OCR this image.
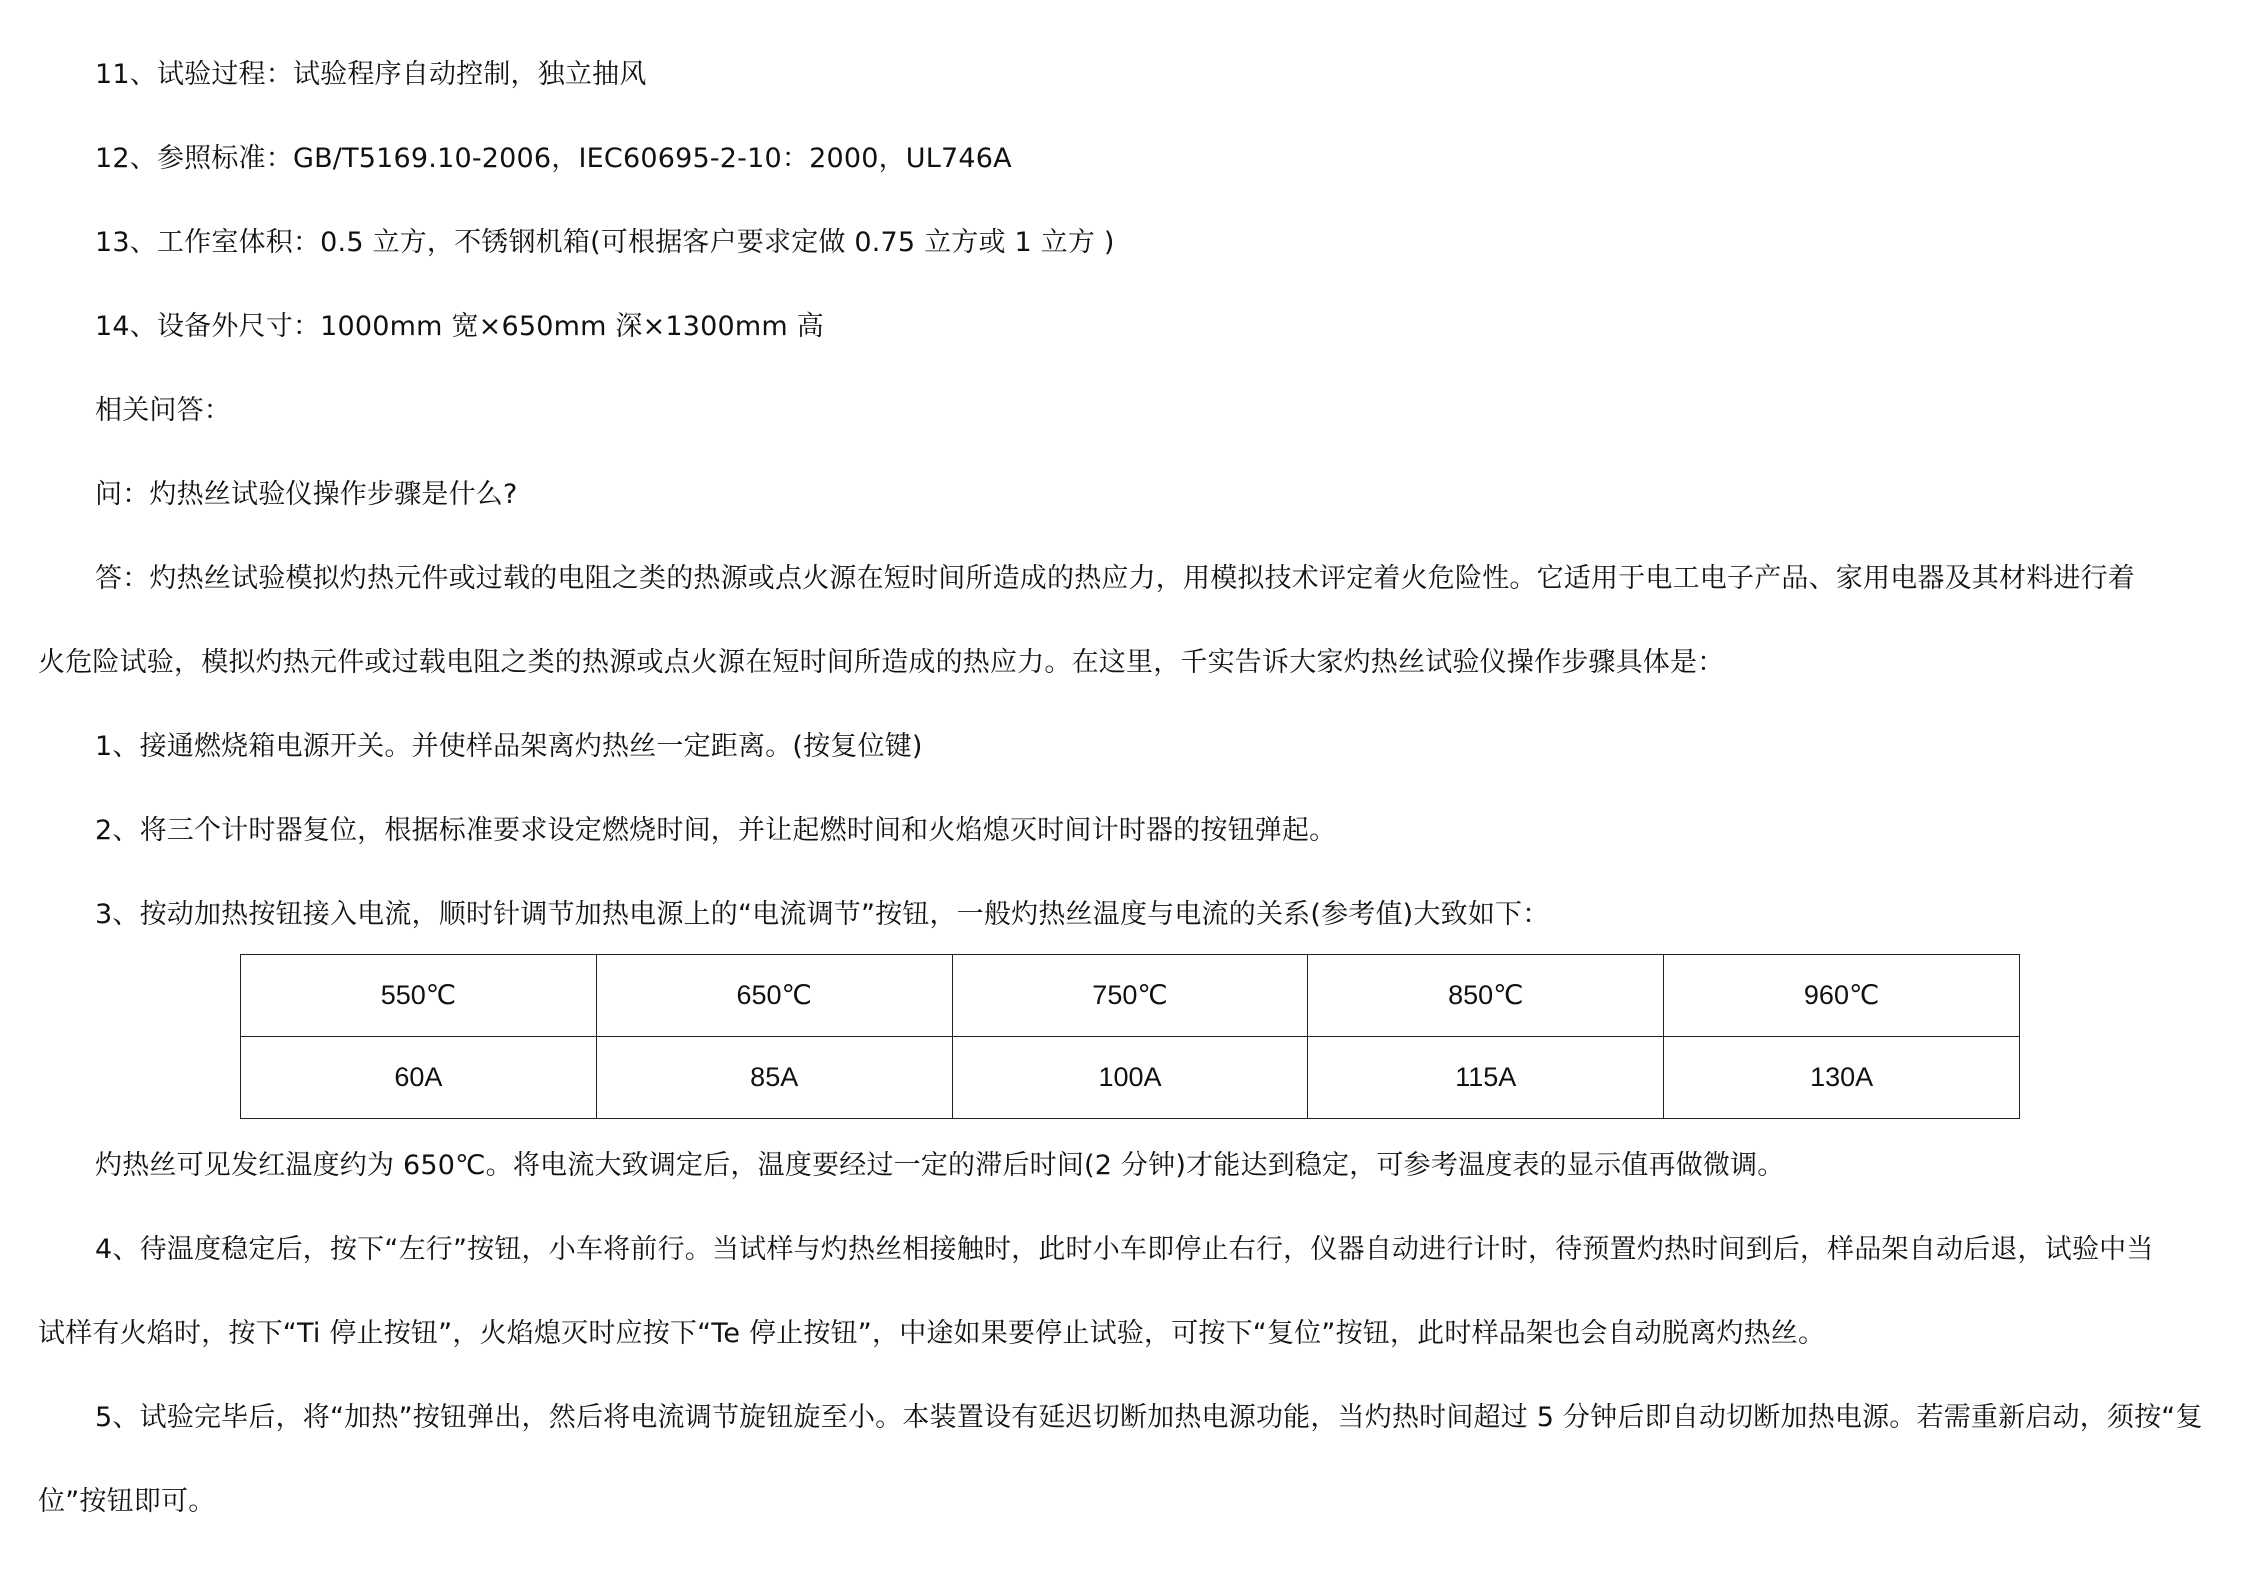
11、试验过程：试验程序自动控制，独立抽风
12、参照标准：GB/T5169.10-2006，IEC60695-2-10：2000，UL746A
13、工作室体积：0.5 立方，不锈钢机箱(可根据客户要求定做 0.75 立方或 1 立方 )
14、设备外尺寸：1000mm 宽×650mm 深×1300mm 高
相关问答：
问：灼热丝试验仪操作步骤是什么?
答：灼热丝试验模拟灼热元件或过载的电阻之类的热源或点火源在短时间所造成的热应力，用模拟技术评定着火危险性。它适用于电工电子产品、家用电器及其材料进行着
火危险试验，模拟灼热元件或过载电阻之类的热源或点火源在短时间所造成的热应力。在这里，千实告诉大家灼热丝试验仪操作步骤具体是：
1、接通燃烧箱电源开关。并使样品架离灼热丝一定距离。(按复位键)
2、将三个计时器复位，根据标准要求设定燃烧时间，并让起燃时间和火焰熄灭时间计时器的按钮弹起。
3、按动加热按钮接入电流，顺时针调节加热电源上的“电流调节”按钮，一般灼热丝温度与电流的关系(参考值)大致如下：
550℃	650℃	750℃	850℃	960℃
60A	85A	100A	115A	130A
灼热丝可见发红温度约为 650℃。将电流大致调定后，温度要经过一定的滞后时间(2 分钟)才能达到稳定，可参考温度表的显示值再做微调。
4、待温度稳定后，按下“左行”按钮，小车将前行。当试样与灼热丝相接触时，此时小车即停止右行，仪器自动进行计时，待预置灼热时间到后，样品架自动后退，试验中当
试样有火焰时，按下“Ti 停止按钮”，火焰熄灭时应按下“Te 停止按钮”，中途如果要停止试验，可按下“复位”按钮，此时样品架也会自动脱离灼热丝。
5、试验完毕后，将“加热”按钮弹出，然后将电流调节旋钮旋至小。本装置设有延迟切断加热电源功能，当灼热时间超过 5 分钟后即自动切断加热电源。若需重新启动，须按“复
位”按钮即可。
